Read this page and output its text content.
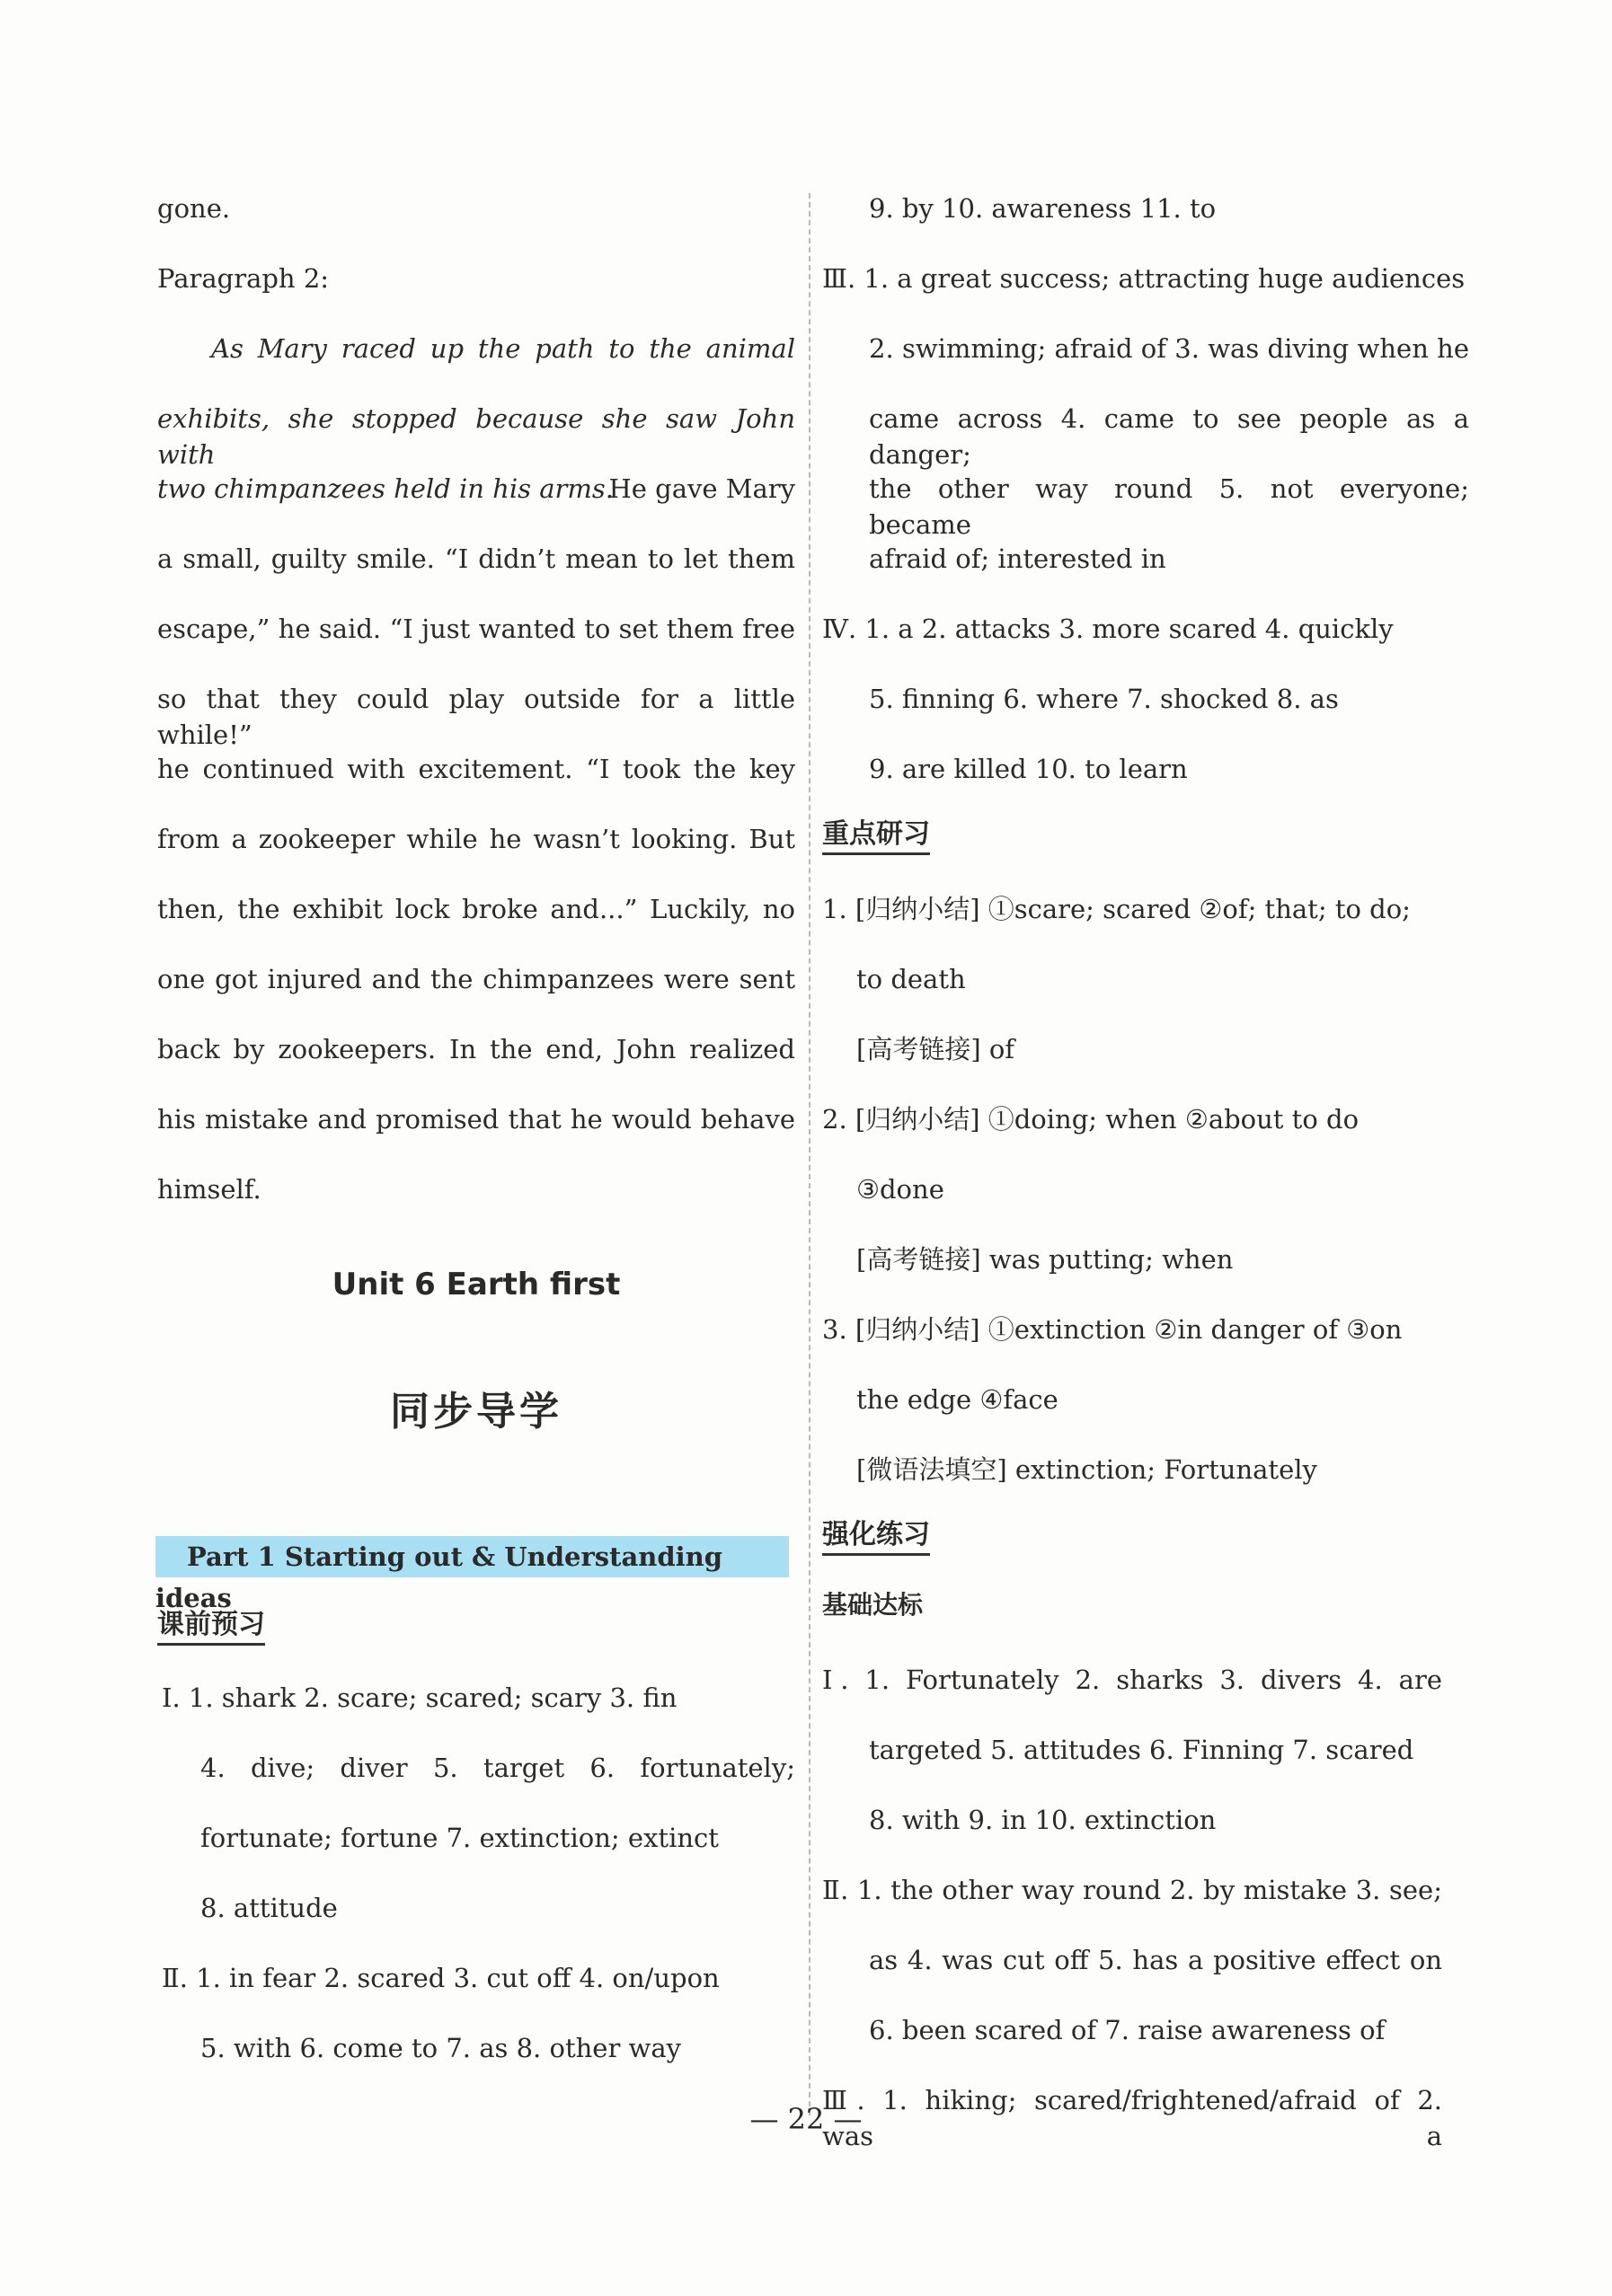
gone.
Paragraph 2:
As Mary raced up the path to the animal
exhibits, she stopped because she saw John with
two chimpanzees held in his arms.
He gave Mary
a small, guilty smile. “I didn’t mean to let them
escape,” he said. “I just wanted to set them free
so that they could play outside for a little while!”
he continued with excitement. “I took the key
from a zookeeper while he wasn’t looking. But
then, the exhibit lock broke and...” Luckily, no
one got injured and the chimpanzees were sent
back by zookeepers. In the end, John realized
his mistake and promised that he would behave
himself.
Unit 6 Earth first
同步导学
Part 1 Starting out & Understanding ideas
课前预习
Ⅰ. 1. shark 2. scare; scared; scary 3. fin
4. dive; diver 5. target 6. fortunately;
fortunate; fortune 7. extinction; extinct
8. attitude
Ⅱ. 1. in fear 2. scared 3. cut off 4. on/upon
5. with 6. come to 7. as 8. other way
9. by 10. awareness 11. to
Ⅲ. 1. a great success; attracting huge audiences
2. swimming; afraid of 3. was diving when he
came across 4. came to see people as a danger;
the other way round 5. not everyone; became
afraid of; interested in
Ⅳ. 1. a 2. attacks 3. more scared 4. quickly
5. finning 6. where 7. shocked 8. as
9. are killed 10. to learn
重点研习
1. [归纳小结] ①scare; scared ②of; that; to do;
to death
[高考链接] of
2. [归纳小结] ①doing; when ②about to do
③done
[高考链接] was putting; when
3. [归纳小结] ①extinction ②in danger of ③on
the edge ④face
[微语法填空] extinction; Fortunately
强化练习
基础达标
Ⅰ. 1. Fortunately 2. sharks 3. divers 4. are
targeted 5. attitudes 6. Finning 7. scared
8. with 9. in 10. extinction
Ⅱ. 1. the other way round 2. by mistake 3. see;
as 4. was cut off 5. has a positive effect on
6. been scared of 7. raise awareness of
Ⅲ. 1. hiking; scared/frightened/afraid of 2. was a
— 22 —
